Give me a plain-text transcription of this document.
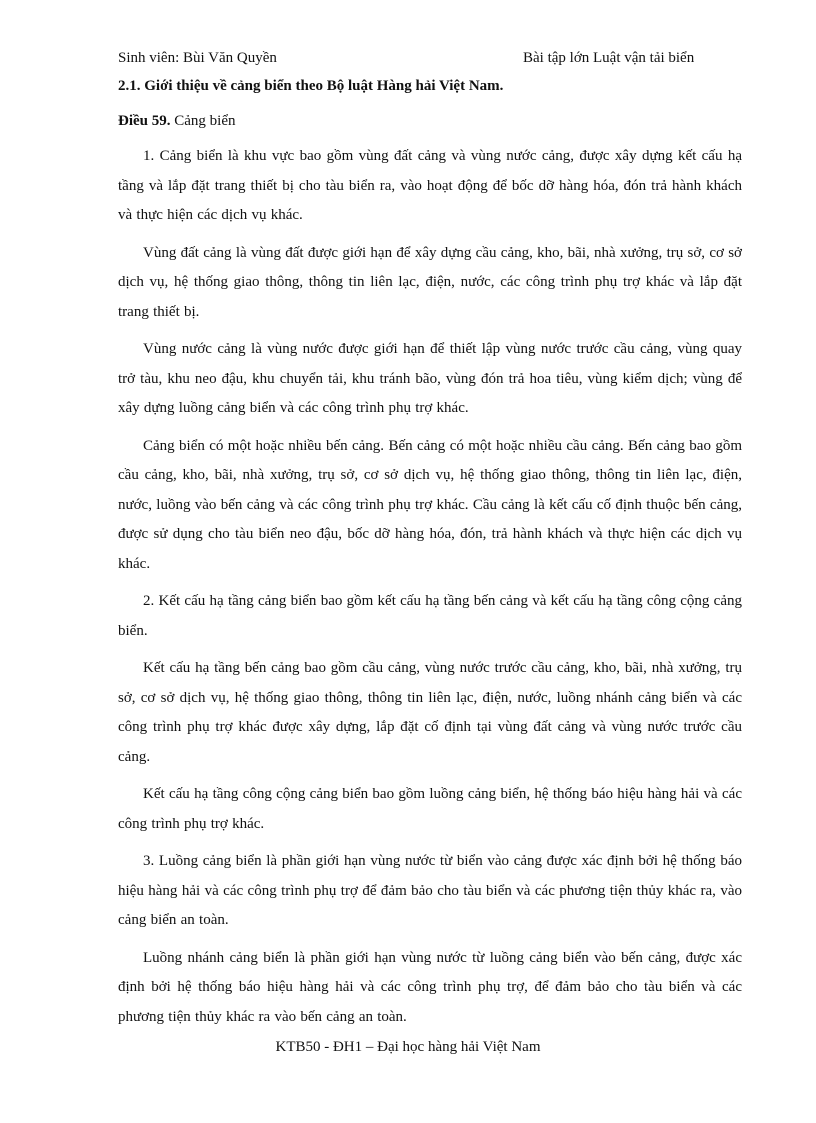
Sinh viên: Bùi Văn Quyền	Bài tập lớn Luật vận tải biển
2.1. Giới thiệu về cảng biển theo Bộ luật Hàng hải Việt Nam.
Điều 59. Cảng biển

1. Cảng biển là khu vực bao gồm vùng đất cảng và vùng nước cảng, được xây dựng kết cấu hạ tầng và lắp đặt trang thiết bị cho tàu biển ra, vào hoạt động để bốc dỡ hàng hóa, đón trả hành khách và thực hiện các dịch vụ khác.

Vùng đất cảng là vùng đất được giới hạn để xây dựng cầu cảng, kho, bãi, nhà xưởng, trụ sở, cơ sở dịch vụ, hệ thống giao thông, thông tin liên lạc, điện, nước, các công trình phụ trợ khác và lắp đặt trang thiết bị.

Vùng nước cảng là vùng nước được giới hạn để thiết lập vùng nước trước cầu cảng, vùng quay trở tàu, khu neo đậu, khu chuyển tải, khu tránh bão, vùng đón trả hoa tiêu, vùng kiểm dịch; vùng để xây dựng luồng cảng biển và các công trình phụ trợ khác.

Cảng biển có một hoặc nhiều bến cảng. Bến cảng có một hoặc nhiều cầu cảng. Bến cảng bao gồm cầu cảng, kho, bãi, nhà xưởng, trụ sở, cơ sở dịch vụ, hệ thống giao thông, thông tin liên lạc, điện, nước, luồng vào bến cảng và các công trình phụ trợ khác. Cầu cảng là kết cấu cố định thuộc bến cảng, được sử dụng cho tàu biển neo đậu, bốc dỡ hàng hóa, đón, trả hành khách và thực hiện các dịch vụ khác.

2. Kết cấu hạ tầng cảng biển bao gồm kết cấu hạ tầng bến cảng và kết cấu hạ tầng công cộng cảng biển.

Kết cấu hạ tầng bến cảng bao gồm cầu cảng, vùng nước trước cầu cảng, kho, bãi, nhà xưởng, trụ sở, cơ sở dịch vụ, hệ thống giao thông, thông tin liên lạc, điện, nước, luồng nhánh cảng biển và các công trình phụ trợ khác được xây dựng, lắp đặt cố định tại vùng đất cảng và vùng nước trước cầu cảng.

Kết cấu hạ tầng công cộng cảng biển bao gồm luồng cảng biển, hệ thống báo hiệu hàng hải và các công trình phụ trợ khác.

3. Luồng cảng biển là phần giới hạn vùng nước từ biển vào cảng được xác định bởi hệ thống báo hiệu hàng hải và các công trình phụ trợ để đảm bảo cho tàu biển và các phương tiện thủy khác ra, vào cảng biển an toàn.

Luồng nhánh cảng biển là phần giới hạn vùng nước từ luồng cảng biển vào bến cảng, được xác định bởi hệ thống báo hiệu hàng hải và các công trình phụ trợ, để đảm bảo cho tàu biển và các phương tiện thủy khác ra vào bến cảng an toàn.

KTB50 - ĐH1 – Đại học hàng hải Việt Nam
